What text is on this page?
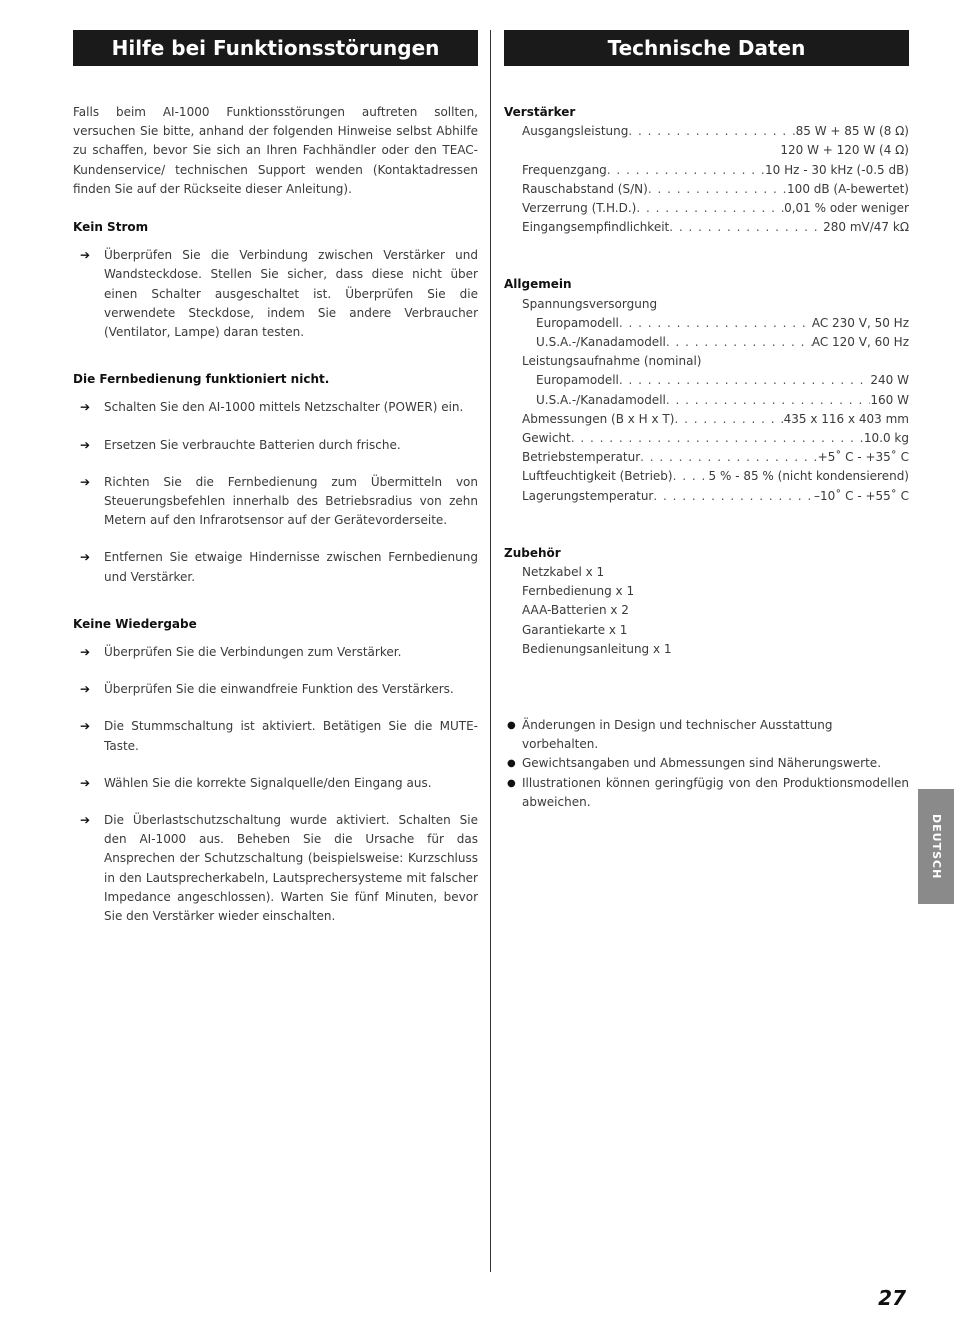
Hilfe bei Funktionsstörungen	Technische Daten

Falls beim AI-1000 Funktionsstörungen auftreten sollten, versuchen Sie bitte, anhand der folgenden Hinweise selbst Abhilfe zu schaffen, bevor Sie sich an Ihren Fachhändler oder den TEAC-Kundenservice/ technischen Support wenden (Kontaktadressen finden Sie auf der Rückseite dieser Anleitung).

Kein Strom

➔ Überprüfen Sie die Verbindung zwischen Verstärker und Wandsteckdose. Stellen Sie sicher, dass diese nicht über einen Schalter ausgeschaltet ist. Überprüfen Sie die verwendete Steckdose, indem Sie andere Verbraucher (Ventilator, Lampe) daran testen.

Die Fernbedienung funktioniert nicht.

➔ Schalten Sie den AI-1000 mittels Netzschalter (POWER) ein.
➔ Ersetzen Sie verbrauchte Batterien durch frische.
➔ Richten Sie die Fernbedienung zum Übermitteln von Steuerungsbefehlen innerhalb des Betriebsradius von zehn Metern auf den Infrarotsensor auf der Gerätevorderseite.
➔ Entfernen Sie etwaige Hindernisse zwischen Fernbedienung und Verstärker.

Keine Wiedergabe

➔ Überprüfen Sie die Verbindungen zum Verstärker.
➔ Überprüfen Sie die einwandfreie Funktion des Verstärkers.
➔ Die Stummschaltung ist aktiviert. Betätigen Sie die MUTE-Taste.
➔ Wählen Sie die korrekte Signalquelle/den Eingang aus.
➔ Die Überlastschutzschaltung wurde aktiviert. Schalten Sie den AI-1000 aus. Beheben Sie die Ursache für das Ansprechen der Schutzschaltung (beispielsweise: Kurzschluss in den Lautsprecherkabeln, Lautsprechersysteme mit falscher Impedance angeschlossen). Warten Sie fünf Minuten, bevor Sie den Verstärker wieder einschalten.

Verstärker

Ausgangsleistung . . .	85 W + 85 W (8 Ω)
120 W + 120 W (4 Ω)
Frequenzgang . . .	10 Hz - 30 kHz (-0.5 dB)
Rauschabstand (S/N) . . .	100 dB (A-bewertet)
Verzerrung (T.H.D.) . . .	0,01 % oder weniger
Eingangsempfindlichkeit . . .	280 mV/47 kΩ

Allgemein

Spannungsversorgung

Europamodell . . .	AC 230 V, 50 Hz
U.S.A.-/Kanadamodell . . .	AC 120 V, 60 Hz

Leistungsaufnahme (nominal)

Europamodell . . .	240 W
U.S.A.-/Kanadamodell . . .	160 W
Abmessungen (B x H x T) . . .	435 x 116 x 403 mm
Gewicht . . .	10.0 kg
Betriebstemperatur . . .	+5˚ C - +35˚ C
Luftfeuchtigkeit (Betrieb) . . .	5 % - 85 % (nicht kondensierend)
Lagerungstemperatur . . .	–10˚ C - +55˚ C

Zubehör

Netzkabel x 1

Fernbedienung x 1

AAA-Batterien x 2

Garantiekarte x 1

Bedienungsanleitung x 1

● Änderungen in Design und technischer Ausstattung vorbehalten.
● Gewichtsangaben und Abmessungen sind Näherungswerte.
● Illustrationen können geringfügig von den Produktionsmodellen abweichen.
DEUTSCH
27
